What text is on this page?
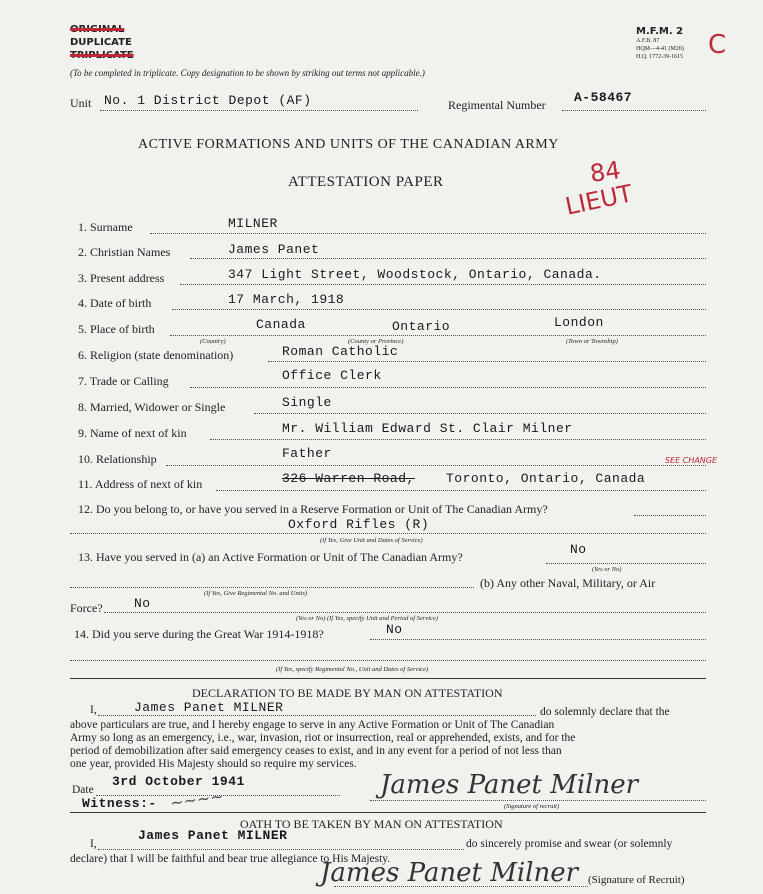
ORIGINAL
DUPLICATE
TRIPLICATE
M.F.M. 2
A.F.B. 87
HQM—4-41 (M20)
H.Q. 1772-39-1615 C
(To be completed in triplicate. Copy designation to be shown by striking out terms not applicable.)
Unit No. 1 District Depot (AF)	Regimental Number A-58467
ACTIVE FORMATIONS AND UNITS OF THE CANADIAN ARMY
ATTESTATION PAPER	84
LIEUT
1. Surname	MILNER
2. Christian Names	James Panet
3. Present address	347 Light Street, Woodstock, Ontario, Canada.
4. Date of birth	17 March, 1918
5. Place of birth	Canada	Ontario	London
(Country)	(County or Province)	(Town or Township)
6. Religion (state denomination)	Roman Catholic
7. Trade or Calling	Office Clerk
8. Married, Widower or Single	Single
9. Name of next of kin	Mr. William Edward St. Clair Milner
10. Relationship	Father	SEE CHANGE
11. Address of next of kin	326 Warren Road, Toronto, Ontario, Canada
12. Do you belong to, or have you served in a Reserve Formation or Unit of The Canadian Army?
Oxford Rifles (R)
(If Yes, Give Unit and Dates of Service)
13. Have you served in (a) an Active Formation or Unit of The Canadian Army?	No
(Yes or No)
(b) Any other Naval, Military, or Air
(If Yes, Give Regimental No. and Units)
Force? No
(Yes or No) (If Yes, specify Unit and Period of Service)
14. Did you serve during the Great War 1914-1918?	No
(If Yes, specify Regimental No., Unit and Dates of Service)
DECLARATION TO BE MADE BY MAN ON ATTESTATION
I,	James Panet MILNER	do solemnly declare that the
above particulars are true, and I hereby engage to serve in any Active Formation or Unit of The Canadian
Army so long as an emergency, i.e., war, invasion, riot or insurrection, real or apprehended, exists, and for the
period of demobilization after said emergency ceases to exist, and in any event for a period of not less than
one year, provided His Majesty should so require my services.
Date
3rd October 1941
Witness:- ~~~~	James Panet Milner
(Signature of recruit)
OATH TO BE TAKEN BY MAN ON ATTESTATION
I,
James Panet MILNER
do sincerely promise and swear (or solemnly
declare) that I will be faithful and bear true allegiance to His Majesty.
James Panet Milner (Signature of Recruit)
